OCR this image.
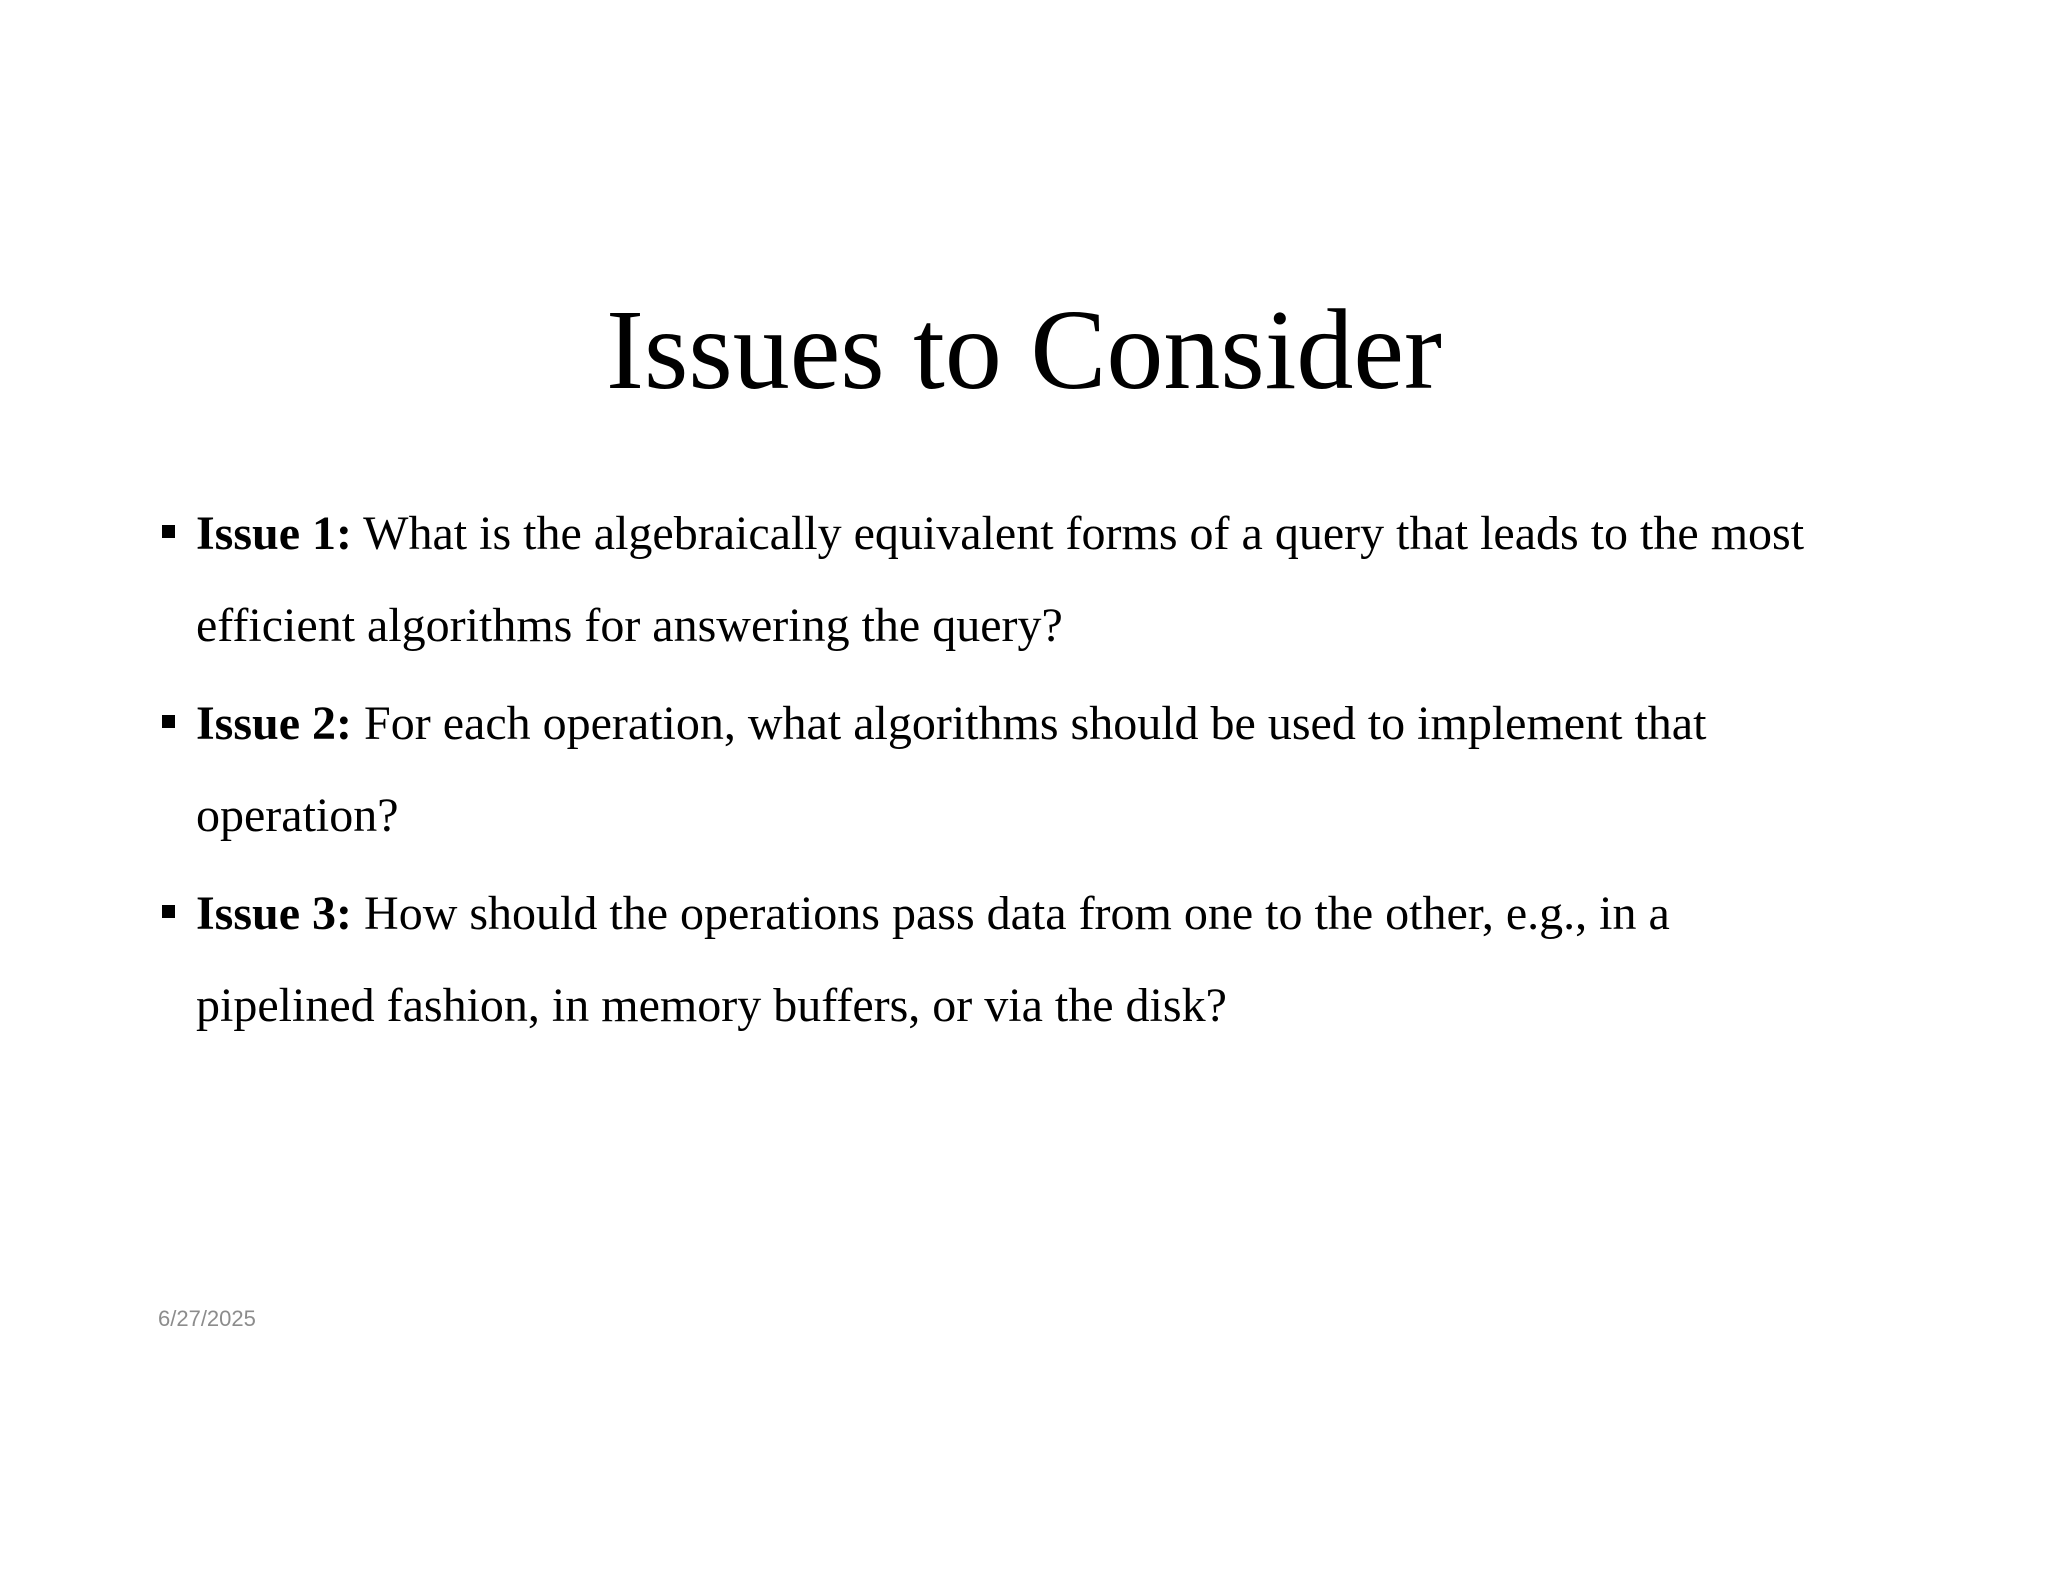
Issues to Consider
Issue 1: What is the algebraically equivalent forms of a query that leads to the most efficient algorithms for answering the query?
Issue 2: For each operation, what algorithms should be used to implement that operation?
Issue 3: How should the operations pass data from one to the other, e.g., in a pipelined fashion, in memory buffers, or via the disk?
6/27/2025
